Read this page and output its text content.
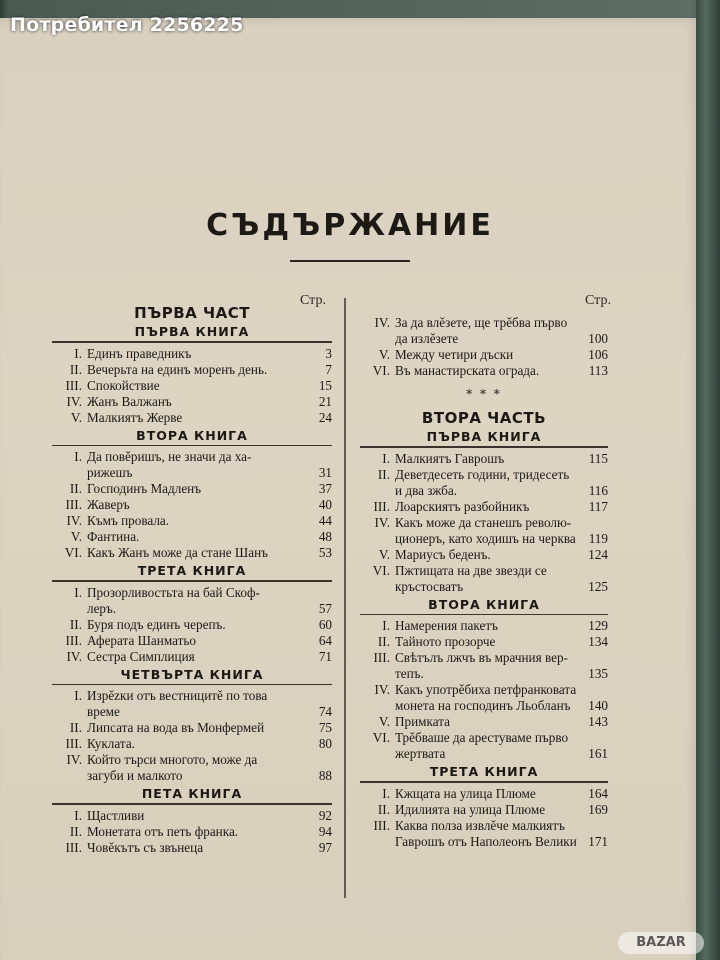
СЪДЪРЖАНИЕ
Стр.	Стр.
ПЪРВА ЧАСТ
ПЪРВА КНИГА
I. Единъ праведникъ	3
II. Вечерьта на единъ моренъ день.	7
III. Спокойствие	15
IV. Жанъ Валжанъ	21
V. Малкиятъ Жерве	24
ВТОРА КНИГА
I. Да повěришъ, не значи да ха-
рижешъ	31
II. Господинъ Мадленъ	37
III. Жаверъ	40
IV. Къмъ провала.	44
V. Фантина.	48
VI. Какъ Жанъ може да стане Шанъ	53
ТРЕТА КНИГА
I. Прозорливостьта на бай Скоф-
леръ.	57
II. Буря подъ единъ черепъ.	60
III. Аферата Шанматьо	64
IV. Сестра Симплиция	71
ЧЕТВЪРТА КНИГА
I. Изрězки отъ вестницитě по това
време	74
II. Липсата на вода въ Монфермей	75
III. Куклата.	80
IV. Който търси многото, може да
загуби и малкото	88
ПЕТА КНИГА
I. Щастливи	92
II. Монетата отъ петь франка.	94
III. Човěкътъ съ звънеца	97
IV. За да влěзете, ще трěбва първо
да излěзете	100
V. Между четири дъски	106
VI. Въ манастирската ограда.	113
* * *
ВТОРА ЧАСТЬ
ПЪРВА КНИГА
I. Малкиятъ Гаврошъ	115
II. Деветдесеть години, тридесеть
и два зжба.	116
III. Лоарскиятъ разбойникъ	117
IV. Какъ може да станешъ револю-
ционеръ, като ходишъ на черква 119
V. Мариусъ беденъ.	124
VI. Пжтищата на две звезди се
кръстосватъ	125
ВТОРА КНИГА
I. Намерения пакетъ	129
II. Тайното прозорче	134
III. Свѣтълъ лжчъ въ мрачния вер-
тепъ.	135
IV. Какъ употрěбиха петфранковата
монета на господинъ Льобланъ	140
V. Примката	143
VI. Трěбваше да арестуваме първо
жертвата	161
ТРЕТА КНИГА
I. Кжщата на улица Плюме	164
II. Идилията на улица Плюме	169
III. Каква полза извлěче малкиятъ
Гаврошъ отъ Наполеонъ Велики 171
Потребител 2256225
BAZAR
